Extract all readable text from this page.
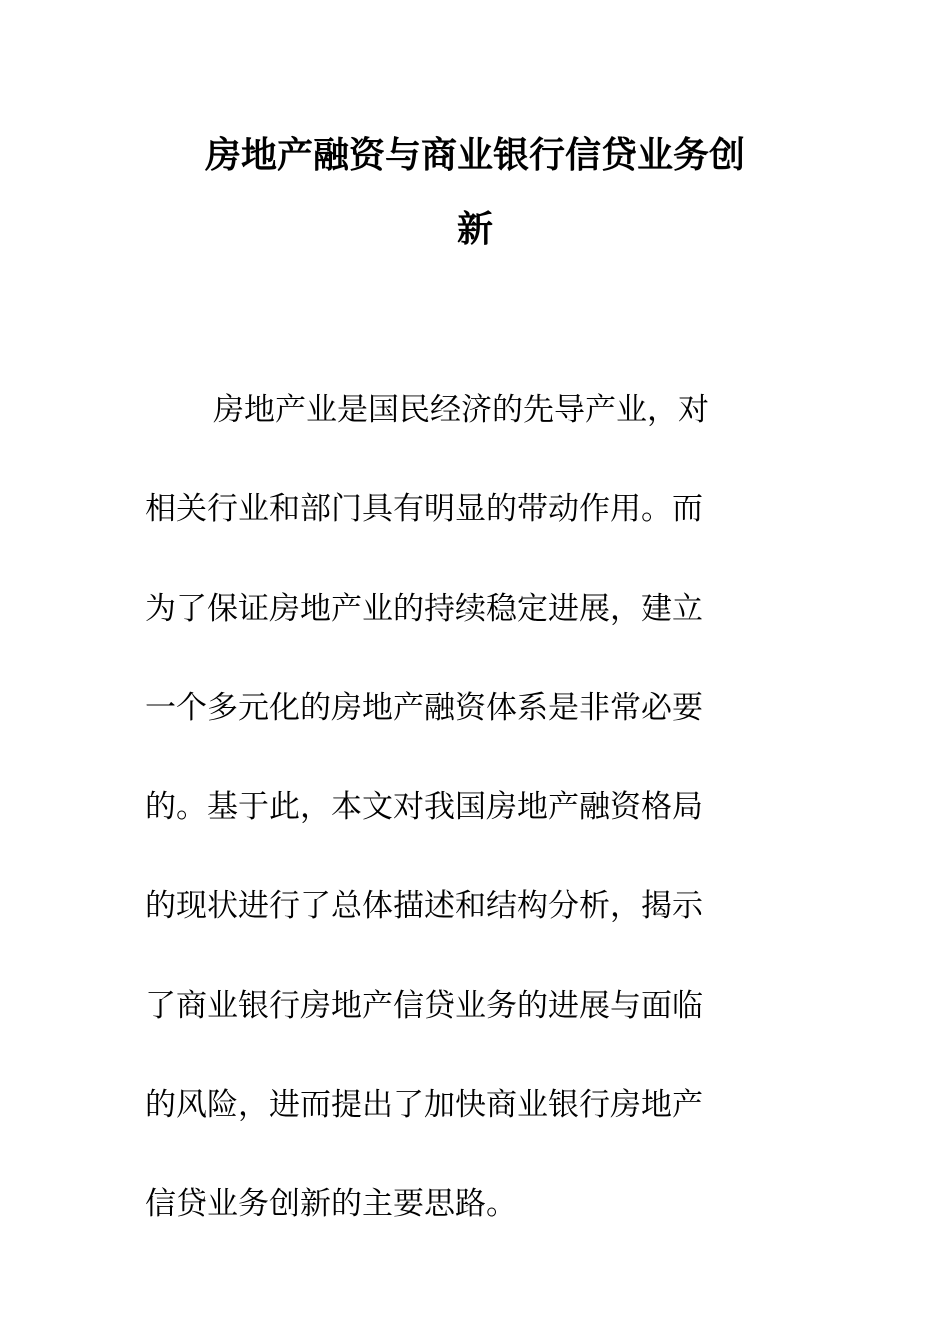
房地产融资与商业银行信贷业务创
新
房地产业是国民经济的先导产业，对
相关行业和部门具有明显的带动作用。而
为了保证房地产业的持续稳定进展，建立
一个多元化的房地产融资体系是非常必要
的。基于此，本文对我国房地产融资格局
的现状进行了总体描述和结构分析，揭示
了商业银行房地产信贷业务的进展与面临
的风险，进而提出了加快商业银行房地产
信贷业务创新的主要思路。
